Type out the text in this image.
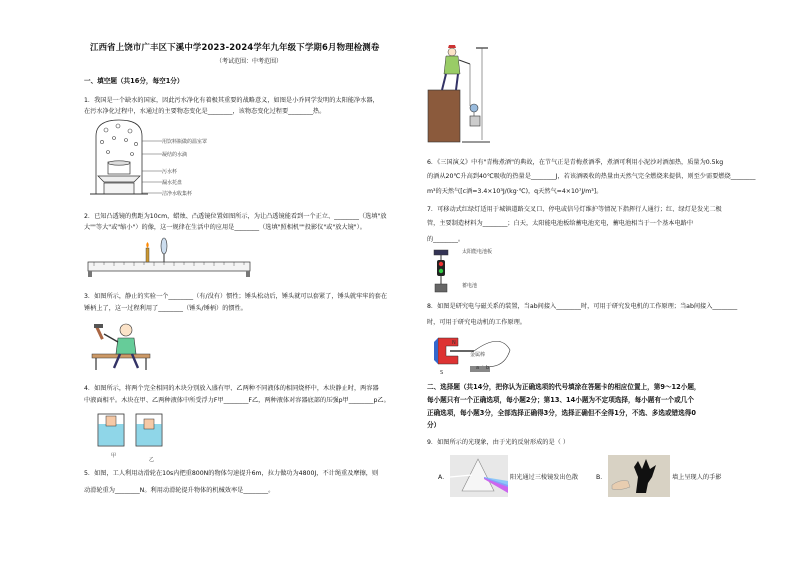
江西省上饶市广丰区下溪中学2023-2024学年九年级下学期6月物理检测卷
（考试范围：中考范围）
一、填空题（共16分，每空1分）
1．我国是一个缺水的国家，因此污水净化有着极其重要的战略意义，如图是小乔同学发明的太阳能净水器，
在污水净化过程中，水通过的主要物态变化是________，该物态变化过程要________热。
用饮料瓶做的温室罩
凝结的水滴
污水杯
漏水托盘
洁净水收集杯
2．已知凸透镜的焦距为10cm，蜡烛、凸透镜位置如图所示，为让凸透镜能看到一个正立、________（选填"放
大""等大"或"缩小"）的像，这一规律在生活中的应用是________（选填"照相机""投影仪"或"放大镜"）。
3．如图所示，静止的实验一个________（有/没有）惯性；锤头松动后，锤头就可以套紧了，锤头就牢牢的套在
锤柄上了，这一过程利用了________（锤头/锤柄）的惯性。
4．如图所示，将两个完全相同的木块分别放入盛有甲、乙两种不同液体的相同烧杯中，木块静止时，两容器
中液面相平。木块在甲、乙两种液体中所受浮力F甲________F乙，两种液体对容器底部的压强p甲________p乙。
甲
乙
5．如图，工人利用动滑轮在10s内把重800N的物体匀速提升6m，拉力做功为4800J，不计绳重及摩擦，则
动滑轮重为________N。利用动滑轮提升物体的机械效率是________。
6．《三国演义》中有"青梅煮酒"的典故，在节气正是青梅煮酒季，煮酒可利用小泥沙对酒加热，质量为0.5kg
的酒从20℃升高到40℃吸收的热量是________J，若该酒吸收的热量由天然气完全燃烧来提供，则至少需要燃烧________
m³的天然气[c酒=3.4×10³J/(kg·℃)，q天然气=4×10⁷J/m³]。
7．可移动式红绿灯适用于城镇道路交叉口、停电或信号灯维护等情况下指挥行人通行；红、绿灯是发光二极
管，主要制造材料为________；白天，太阳能电池板给蓄电池充电，蓄电池相当于一个基本电路中
的________。
太阳能电池板
蓄电池
8．如图是研究电与磁关系的装置，当ab间接入________时，可用于研究发电机的工作原理；当ab间接入________
时，可用于研究电动机的工作原理。
N
S
金属棒
a b
二、选择题（共14分，把你认为正确选项的代号填涂在答题卡的相应位置上，第9～12小题，
每小题只有一个正确选项，每小题2分；第13、14小题为不定项选择，每小题有一个或几个
正确选项，每小题3分，全部选择正确得3分，选择正确但不全得1分，不选、多选或错选得0
分）
9．如图所示的光现象，由于光的反射形成的是（ ）
A．	阳光通过三棱镜发出色散	B．	墙上呈现人的手影
